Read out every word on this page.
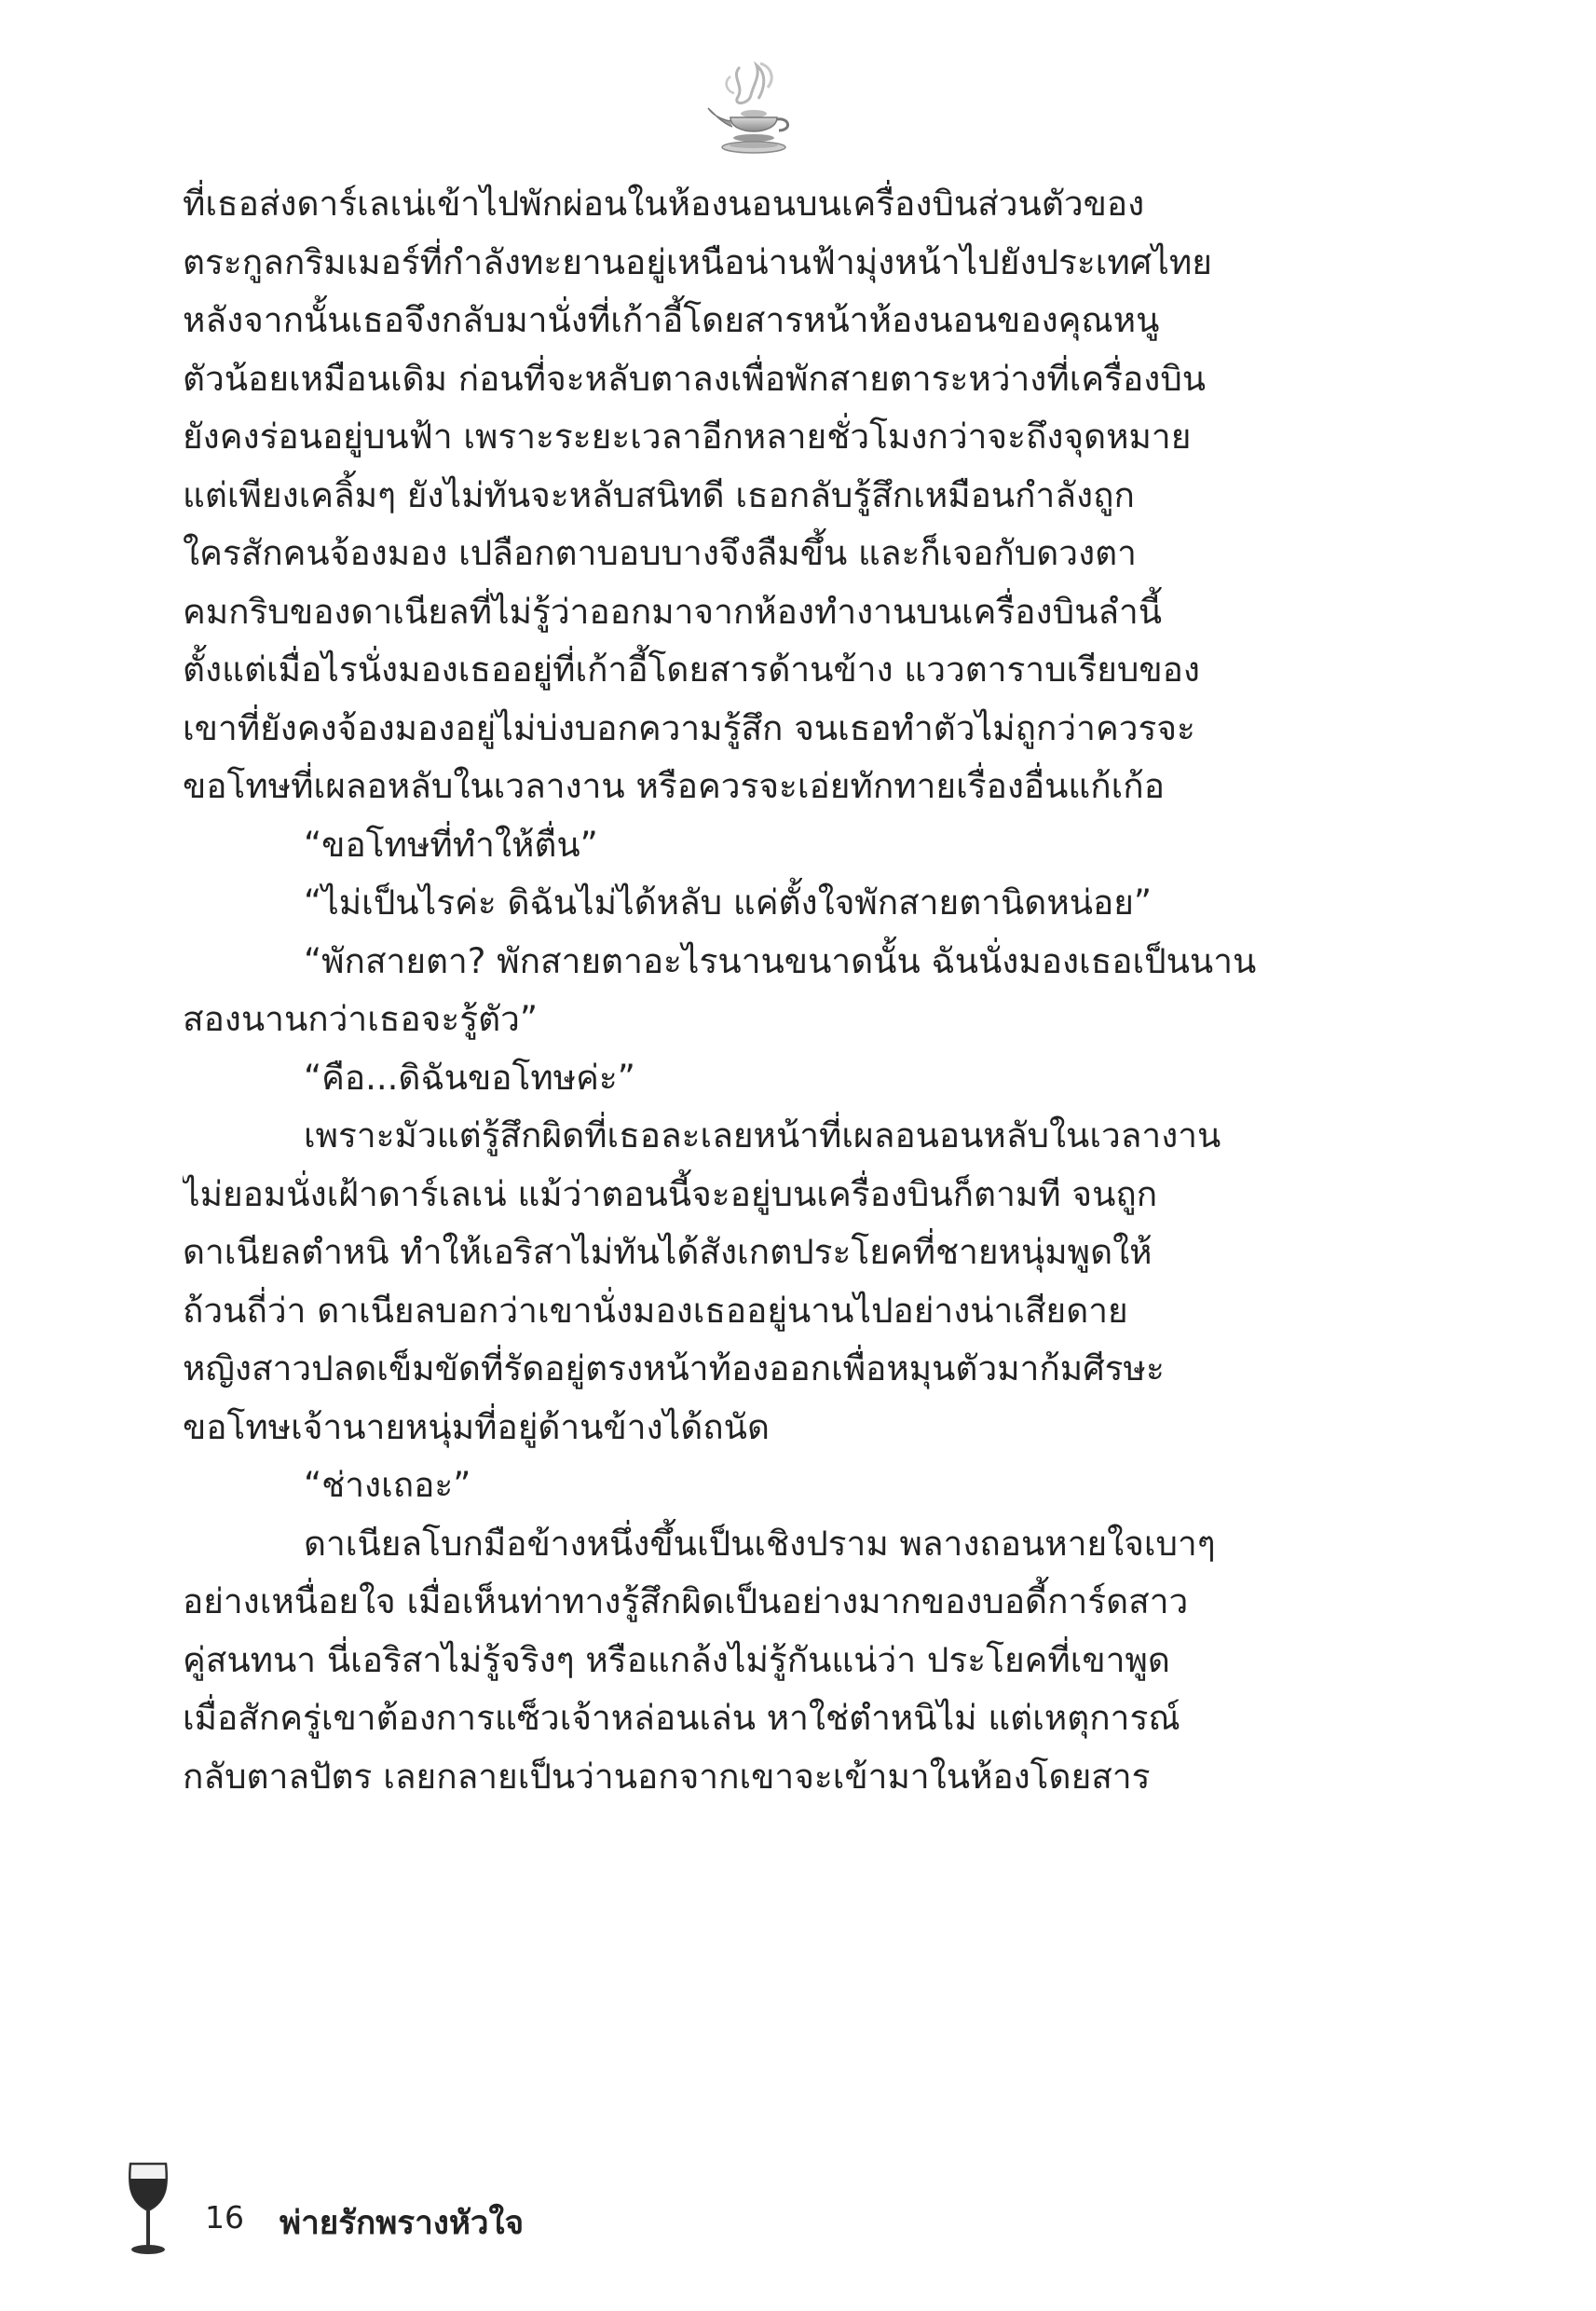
ที่เธอส่งดาร์เลเน่เข้าไปพักผ่อนในห้องนอนบนเครื่องบินส่วนตัวของ
ตระกูลกริมเมอร์ที่กำลังทะยานอยู่เหนือน่านฟ้ามุ่งหน้าไปยังประเทศไทย
หลังจากนั้นเธอจึงกลับมานั่งที่เก้าอี้โดยสารหน้าห้องนอนของคุณหนู
ตัวน้อยเหมือนเดิม ก่อนที่จะหลับตาลงเพื่อพักสายตาระหว่างที่เครื่องบิน
ยังคงร่อนอยู่บนฟ้า เพราะระยะเวลาอีกหลายชั่วโมงกว่าจะถึงจุดหมาย
แต่เพียงเคลิ้มๆ ยังไม่ทันจะหลับสนิทดี เธอกลับรู้สึกเหมือนกำลังถูก
ใครสักคนจ้องมอง เปลือกตาบอบบางจึงลืมขึ้น และก็เจอกับดวงตา
คมกริบของดาเนียลที่ไม่รู้ว่าออกมาจากห้องทำงานบนเครื่องบินลำนี้
ตั้งแต่เมื่อไรนั่งมองเธออยู่ที่เก้าอี้โดยสารด้านข้าง แววตาราบเรียบของ
เขาที่ยังคงจ้องมองอยู่ไม่บ่งบอกความรู้สึก จนเธอทำตัวไม่ถูกว่าควรจะ
ขอโทษที่เผลอหลับในเวลางาน หรือควรจะเอ่ยทักทายเรื่องอื่นแก้เก้อ
“ขอโทษที่ทำให้ตื่น”
“ไม่เป็นไรค่ะ ดิฉันไม่ได้หลับ แค่ตั้งใจพักสายตานิดหน่อย”
“พักสายตา? พักสายตาอะไรนานขนาดนั้น ฉันนั่งมองเธอเป็นนาน
สองนานกว่าเธอจะรู้ตัว”
“คือ...ดิฉันขอโทษค่ะ”
เพราะมัวแต่รู้สึกผิดที่เธอละเลยหน้าที่เผลอนอนหลับในเวลางาน
ไม่ยอมนั่งเฝ้าดาร์เลเน่ แม้ว่าตอนนี้จะอยู่บนเครื่องบินก็ตามที จนถูก
ดาเนียลตำหนิ ทำให้เอริสาไม่ทันได้สังเกตประโยคที่ชายหนุ่มพูดให้
ถ้วนถี่ว่า ดาเนียลบอกว่าเขานั่งมองเธออยู่นานไปอย่างน่าเสียดาย
หญิงสาวปลดเข็มขัดที่รัดอยู่ตรงหน้าท้องออกเพื่อหมุนตัวมาก้มศีรษะ
ขอโทษเจ้านายหนุ่มที่อยู่ด้านข้างได้ถนัด
“ช่างเถอะ”
ดาเนียลโบกมือข้างหนึ่งขึ้นเป็นเชิงปราม พลางถอนหายใจเบาๆ
อย่างเหนื่อยใจ เมื่อเห็นท่าทางรู้สึกผิดเป็นอย่างมากของบอดี้การ์ดสาว
คู่สนทนา นี่เอริสาไม่รู้จริงๆ หรือแกล้งไม่รู้กันแน่ว่า ประโยคที่เขาพูด
เมื่อสักครู่เขาต้องการแซ็วเจ้าหล่อนเล่น หาใช่ตำหนิไม่ แต่เหตุการณ์
กลับตาลปัตร เลยกลายเป็นว่านอกจากเขาจะเข้ามาในห้องโดยสาร
16 พ่ายรักพรางหัวใจ
